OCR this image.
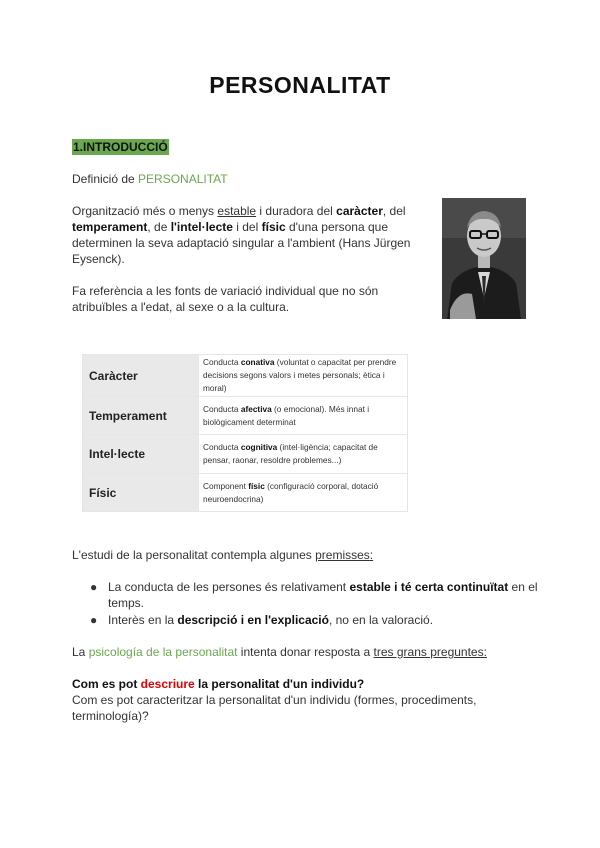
PERSONALITAT
1.INTRODUCCIÓ
Definició de PERSONALITAT
Organització més o menys estable i duradora del caràcter, del temperament, de l'intel·lecte i del físic d'una persona que determinen la seva adaptació singular a l'ambient (Hans Jürgen Eysenck).
Fa referència a les fonts de variació individual que no són atribuïbles a l'edat, al sexe o a la cultura.
Caràcter	Conducta conativa (voluntat o capacitat per prendre decisions segons valors i metes personals; ètica i moral)
Temperament	Conducta afectiva (o emocional). Més innat i biològicament determinat
Intel·lecte	Conducta cognitiva (intel·ligència; capacitat de pensar, raonar, resoldre problemes...)
Físic	Component físic (configuració corporal, dotació neuroendocrina)
L'estudi de la personalitat contempla algunes premisses:
● La conducta de les persones és relativament estable i té certa continuïtat en el temps.
● Interès en la descripció i en l'explicació, no en la valoració.
La psicología de la personalitat intenta donar resposta a tres grans preguntes:
Com es pot descriure la personalitat d'un individu?
Com es pot caracteritzar la personalitat d'un individu (formes, procediments, terminología)?
